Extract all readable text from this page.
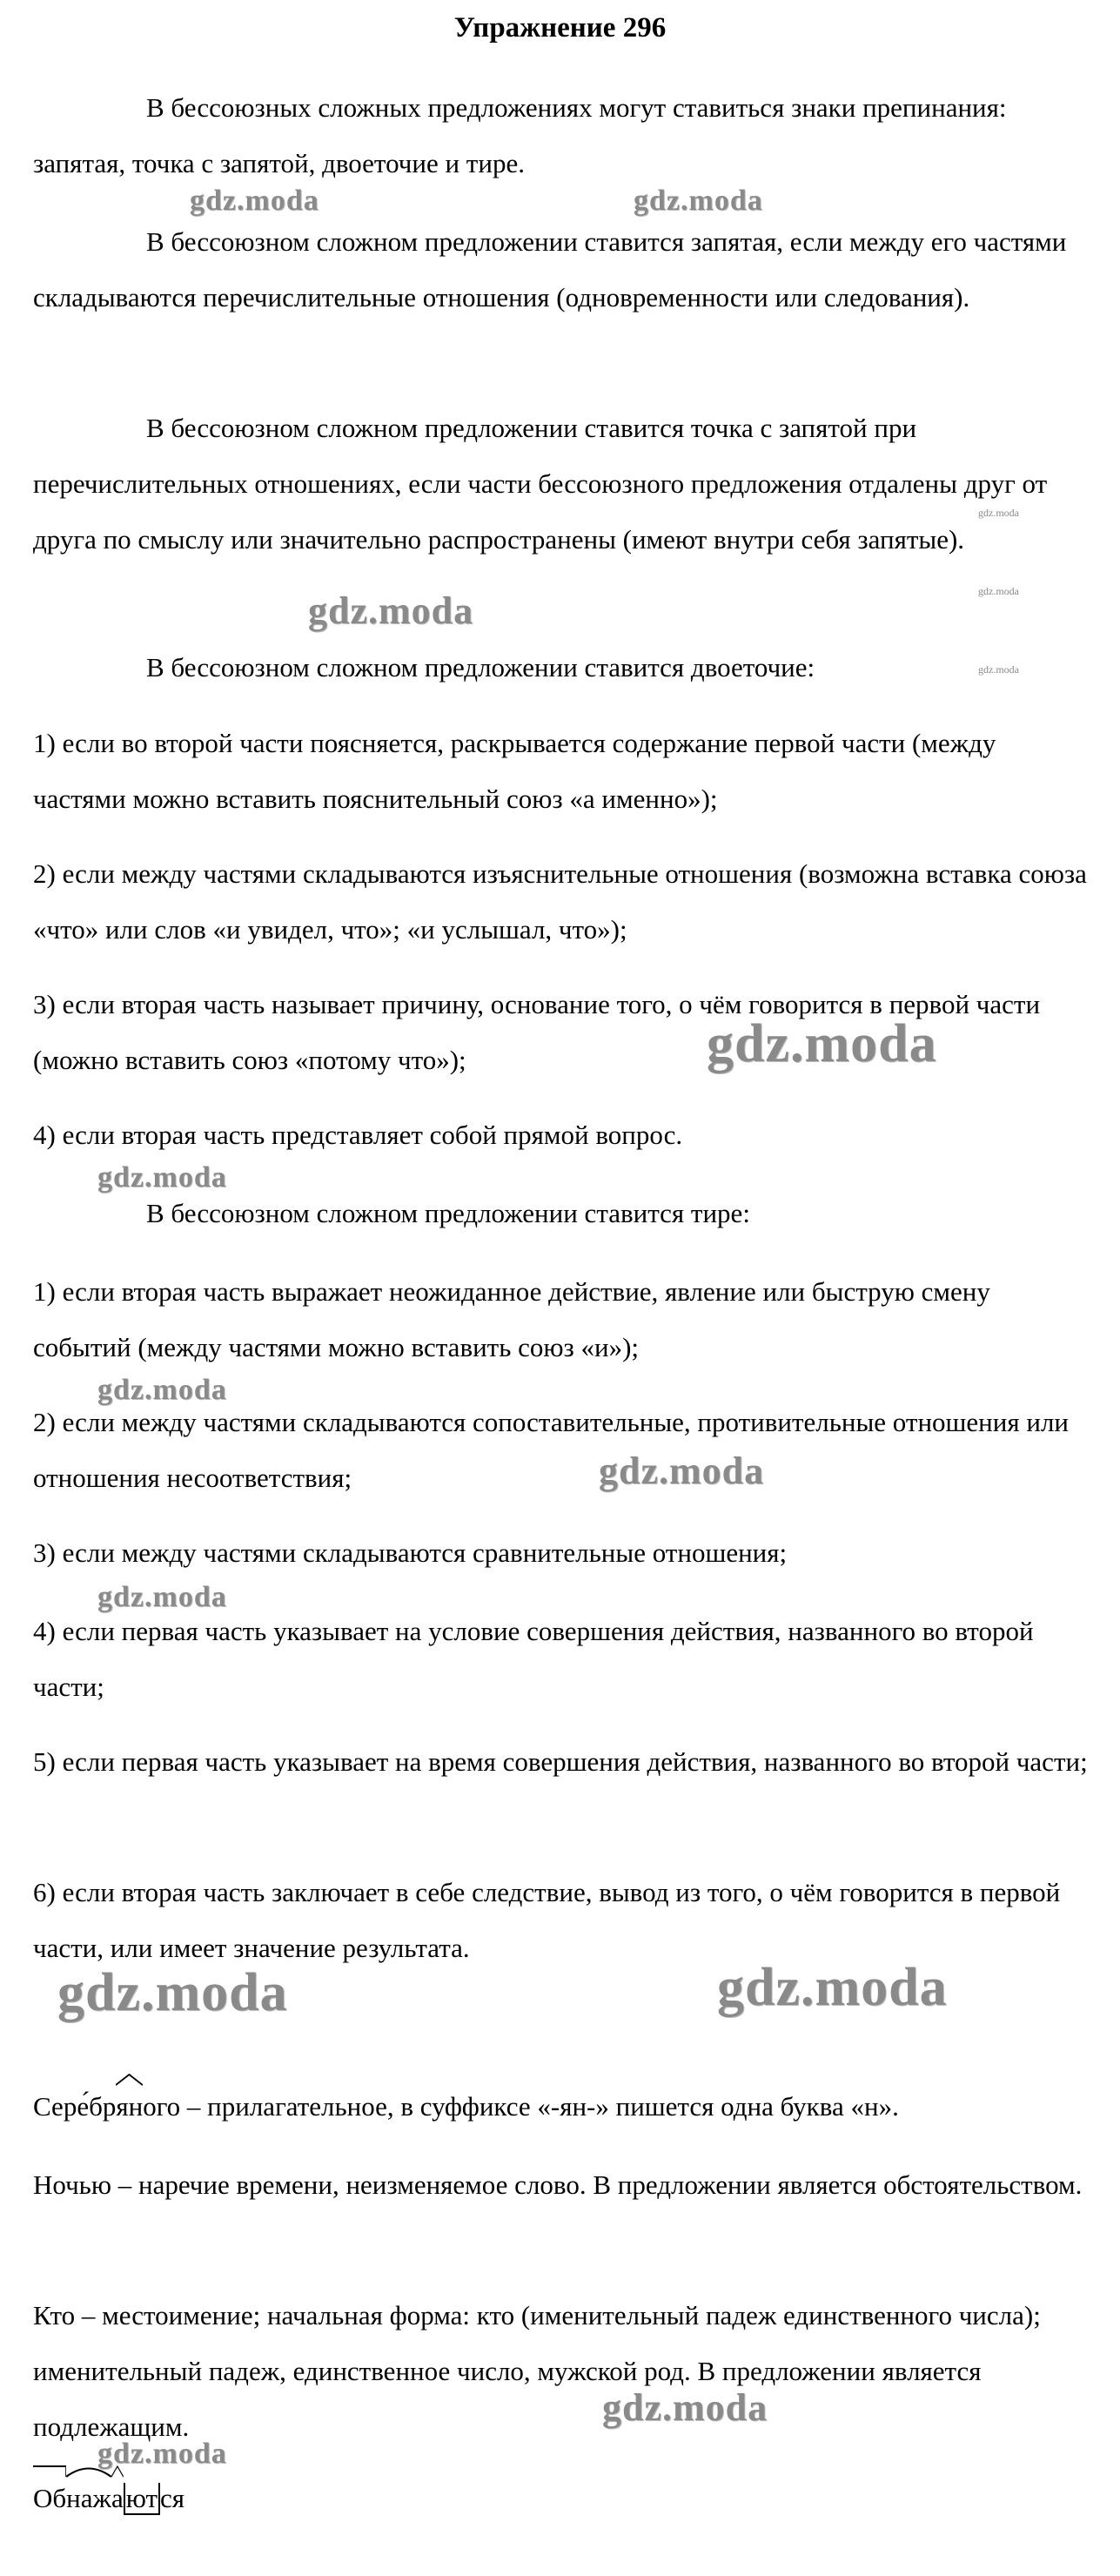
Упражнение 296

В бессоюзных сложных предложениях могут ставиться знаки препинания: запятая, точка с запятой, двоеточие и тире.

В бессоюзном сложном предложении ставится запятая, если между его частями складываются перечислительные отношения (одновременности или следования).

В бессоюзном сложном предложении ставится точка с запятой при перечислительных отношениях, если части бессоюзного предложения отдалены друг от друга по смыслу или значительно распространены (имеют внутри себя запятые).

В бессоюзном сложном предложении ставится двоеточие:

1) если во второй части поясняется, раскрывается содержание первой части (между частями можно вставить пояснительный союз «а именно»);

2) если между частями складываются изъяснительные отношения (возможна вставка союза «что» или слов «и увидел, что»; «и услышал, что»);

3) если вторая часть называет причину, основание того, о чём говорится в первой части (можно вставить союз «потому что»);

4) если вторая часть представляет собой прямой вопрос.

В бессоюзном сложном предложении ставится тире:

1) если вторая часть выражает неожиданное действие, явление или быструю смену событий (между частями можно вставить союз «и»);

2) если между частями складываются сопоставительные, противительные отношения или отношения несоответствия;

3) если между частями складываются сравнительные отношения;

4) если первая часть указывает на условие совершения действия, названного во второй части;

5) если первая часть указывает на время совершения действия, названного во второй части;

6) если вторая часть заключает в себе следствие, вывод из того, о чём говорится в первой части, или имеет значение результата.

Сере́бр
яного – прилагательное, в суффиксе «-ян-» пишется одна буква «н».

Ночью – наречие времени, неизменяемое слово. В предложении является обстоятельством.

Кто – местоимение; начальная форма: кто (именительный падеж единственного числа); именительный падеж, единственное число, мужской род. В предложении является подлежащим.

Об
наж
аются

gdz.moda	gdz.moda
gdz.moda
gdz.moda
gdz.moda
gdz.moda
gdz.moda
gdz.moda
gdz.moda
gdz.moda
gdz.moda
gdz.moda	gdz.moda
gdz.moda
gdz.moda
